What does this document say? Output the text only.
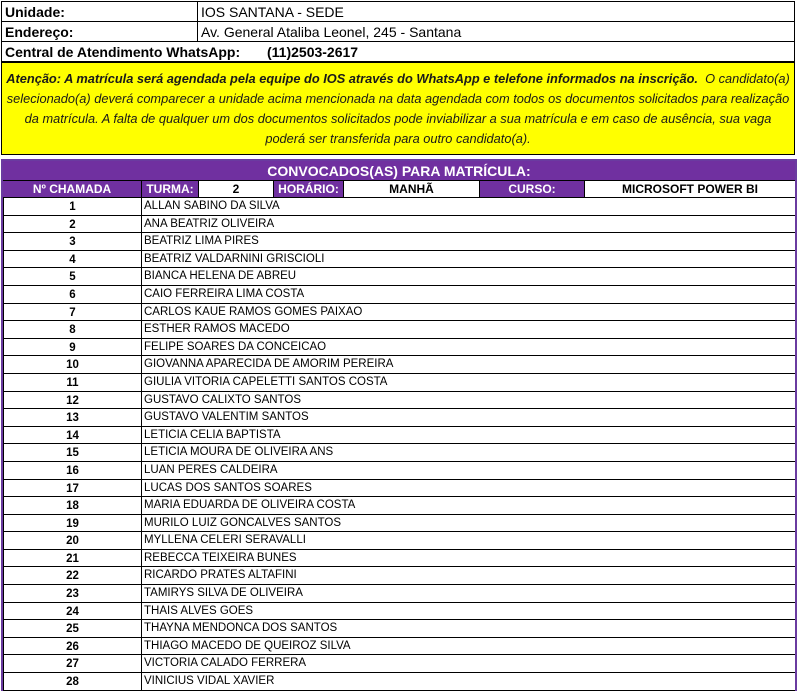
Unidade:	IOS SANTANA - SEDE
Endereço:	Av. General Ataliba Leonel, 245 - Santana
Central de Atendimento WhatsApp: (11)2503-2617	
Atenção: A matrícula será agendada pela equipe do IOS através do WhatsApp e telefone informados na inscrição. O candidato(a) selecionado(a) deverá comparecer a unidade acima mencionada na data agendada com todos os documentos solicitados para realização da matrícula. A falta de qualquer um dos documentos solicitados pode inviabilizar a sua matrícula e em caso de ausência, sua vaga poderá ser transferida para outro candidato(a).
CONVOCADOS(AS) PARA MATRÍCULA:
Nº CHAMADA	TURMA:	2	HORÁRIO:	MANHÃ	CURSO:	MICROSOFT POWER BI
1	ALLAN SABINO DA SILVA
2	ANA BEATRIZ OLIVEIRA
3	BEATRIZ LIMA PIRES
4	BEATRIZ VALDARNINI GRISCIOLI
5	BIANCA HELENA DE ABREU
6	CAIO FERREIRA LIMA COSTA
7	CARLOS KAUE RAMOS GOMES PAIXAO
8	ESTHER RAMOS MACEDO
9	FELIPE SOARES DA CONCEICAO
10	GIOVANNA APARECIDA DE AMORIM PEREIRA
11	GIULIA VITORIA CAPELETTI SANTOS COSTA
12	GUSTAVO CALIXTO SANTOS
13	GUSTAVO VALENTIM SANTOS
14	LETICIA CELIA BAPTISTA
15	LETICIA MOURA DE OLIVEIRA ANS
16	LUAN PERES CALDEIRA
17	LUCAS DOS SANTOS SOARES
18	MARIA EDUARDA DE OLIVEIRA COSTA
19	MURILO LUIZ GONCALVES SANTOS
20	MYLLENA CELERI SERAVALLI
21	REBECCA TEIXEIRA BUNES
22	RICARDO PRATES ALTAFINI
23	TAMIRYS SILVA DE OLIVEIRA
24	THAIS ALVES GOES
25	THAYNA MENDONCA DOS SANTOS
26	THIAGO MACEDO DE QUEIROZ SILVA
27	VICTORIA CALADO FERRERA
28	VINICIUS VIDAL XAVIER
